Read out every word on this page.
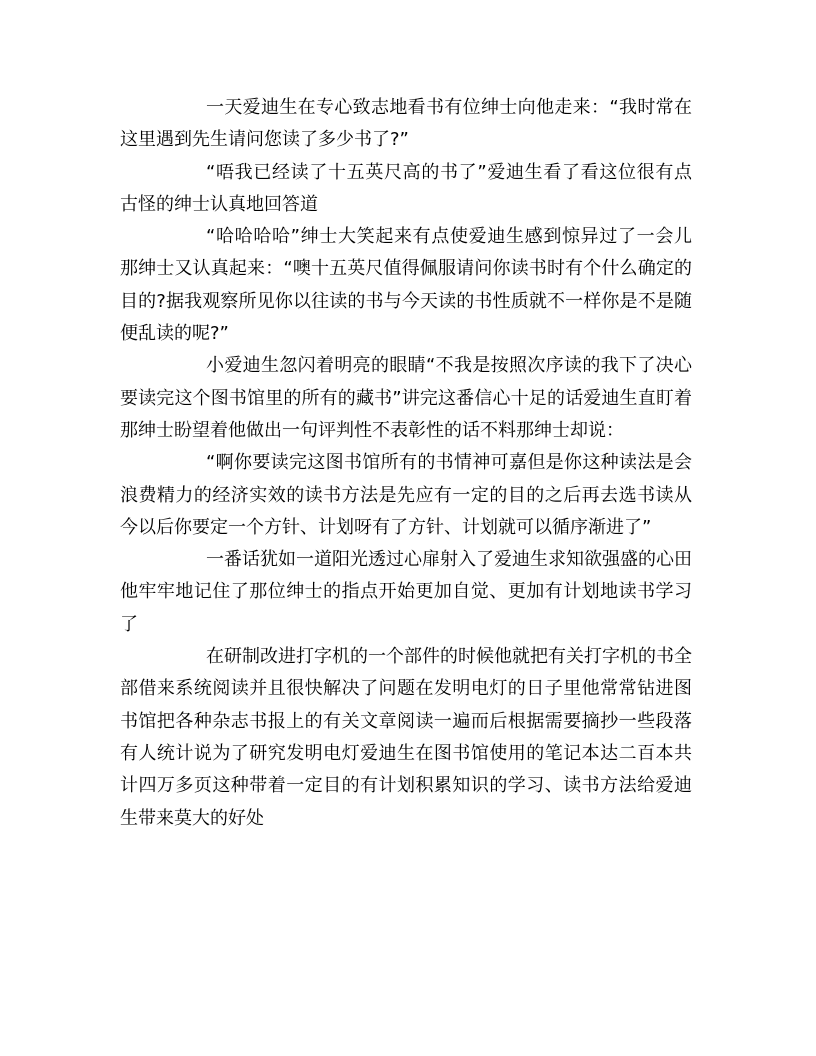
一天爱迪生在专心致志地看书有位绅士向他走来：“我时常在这里遇到先生请问您读了多少书了?”

“唔我已经读了十五英尺高的书了”爱迪生看了看这位很有点古怪的绅士认真地回答道

“哈哈哈哈”绅士大笑起来有点使爱迪生感到惊异过了一会儿那绅士又认真起来：“噢十五英尺值得佩服请问你读书时有个什么确定的目的?据我观察所见你以往读的书与今天读的书性质就不一样你是不是随便乱读的呢?”

小爱迪生忽闪着明亮的眼睛“不我是按照次序读的我下了决心要读完这个图书馆里的所有的藏书”讲完这番信心十足的话爱迪生直盯着那绅士盼望着他做出一句评判性不表彰性的话不料那绅士却说：

“啊你要读完这图书馆所有的书情神可嘉但是你这种读法是会浪费精力的经济实效的读书方法是先应有一定的目的之后再去选书读从今以后你要定一个方针、计划呀有了方针、计划就可以循序渐进了”

一番话犹如一道阳光透过心扉射入了爱迪生求知欲强盛的心田他牢牢地记住了那位绅士的指点开始更加自觉、更加有计划地读书学习了

在研制改进打字机的一个部件的时候他就把有关打字机的书全部借来系统阅读并且很快解决了问题在发明电灯的日子里他常常钻进图书馆把各种杂志书报上的有关文章阅读一遍而后根据需要摘抄一些段落有人统计说为了研究发明电灯爱迪生在图书馆使用的笔记本达二百本共计四万多页这种带着一定目的有计划积累知识的学习、读书方法给爱迪生带来莫大的好处
